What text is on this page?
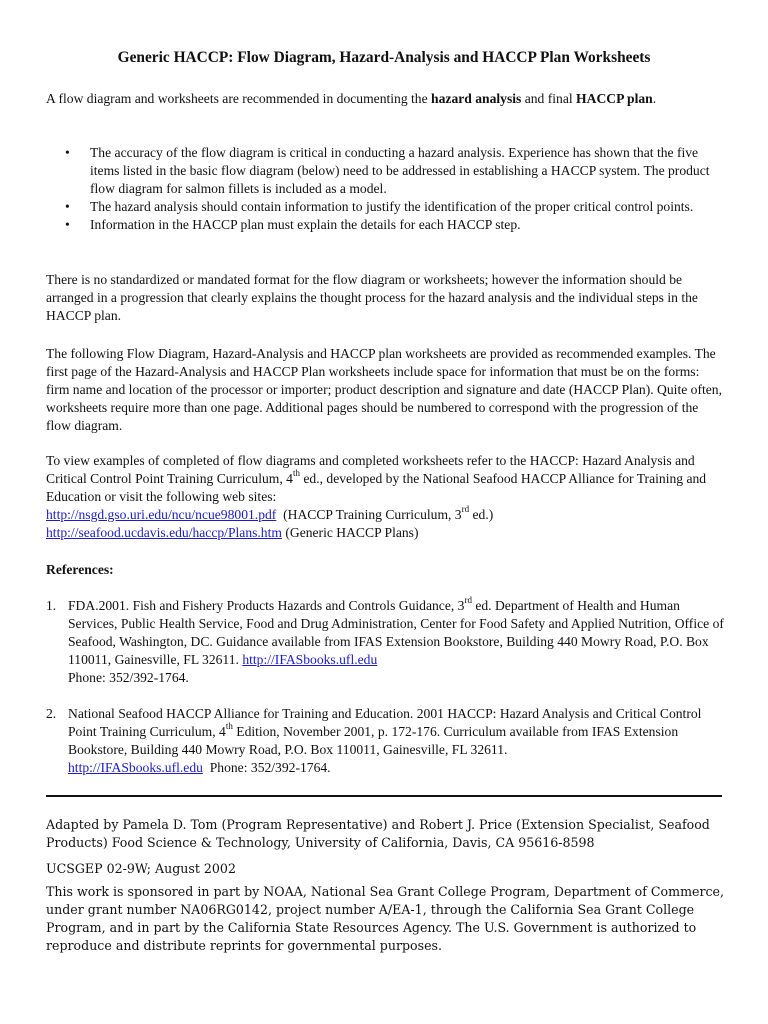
Generic HACCP: Flow Diagram, Hazard-Analysis and HACCP Plan Worksheets

A flow diagram and worksheets are recommended in documenting the hazard analysis and final HACCP plan.

• The accuracy of the flow diagram is critical in conducting a hazard analysis. Experience has shown that the five items listed in the basic flow diagram (below) need to be addressed in establishing a HACCP system. The product flow diagram for salmon fillets is included as a model.
• The hazard analysis should contain information to justify the identification of the proper critical control points.
• Information in the HACCP plan must explain the details for each HACCP step.

There is no standardized or mandated format for the flow diagram or worksheets; however the information should be arranged in a progression that clearly explains the thought process for the hazard analysis and the individual steps in the HACCP plan.

The following Flow Diagram, Hazard-Analysis and HACCP plan worksheets are provided as recommended examples. The first page of the Hazard-Analysis and HACCP Plan worksheets include space for information that must be on the forms: firm name and location of the processor or importer; product description and signature and date (HACCP Plan). Quite often, worksheets require more than one page. Additional pages should be numbered to correspond with the progression of the flow diagram.

To view examples of completed of flow diagrams and completed worksheets refer to the HACCP: Hazard Analysis and Critical Control Point Training Curriculum, 4th ed., developed by the National Seafood HACCP Alliance for Training and Education or visit the following web sites:

http://nsgd.gso.uri.edu/ncu/ncue98001.pdf  (HACCP Training Curriculum, 3rd ed.)

http://seafood.ucdavis.edu/haccp/Plans.htm (Generic HACCP Plans)

References:

1. FDA.2001. Fish and Fishery Products Hazards and Controls Guidance, 3rd ed. Department of Health and Human Services, Public Health Service, Food and Drug Administration, Center for Food Safety and Applied Nutrition, Office of Seafood, Washington, DC. Guidance available from IFAS Extension Bookstore, Building 440 Mowry Road, P.O. Box 110011, Gainesville, FL 32611. http://IFASbooks.ufl.edu
Phone: 352/392-1764.
2. National Seafood HACCP Alliance for Training and Education. 2001 HACCP: Hazard Analysis and Critical Control Point Training Curriculum, 4th Edition, November 2001, p. 172-176. Curriculum available from IFAS Extension Bookstore, Building 440 Mowry Road, P.O. Box 110011, Gainesville, FL 32611.
http://IFASbooks.ufl.edu  Phone: 352/392-1764.

Adapted by Pamela D. Tom (Program Representative) and Robert J. Price (Extension Specialist, Seafood Products) Food Science & Technology, University of California, Davis, CA 95616-8598

UCSGEP 02-9W; August 2002

This work is sponsored in part by NOAA, National Sea Grant College Program, Department of Commerce, under grant number NA06RG0142, project number A/EA-1, through the California Sea Grant College Program, and in part by the California State Resources Agency. The U.S. Government is authorized to reproduce and distribute reprints for governmental purposes.
